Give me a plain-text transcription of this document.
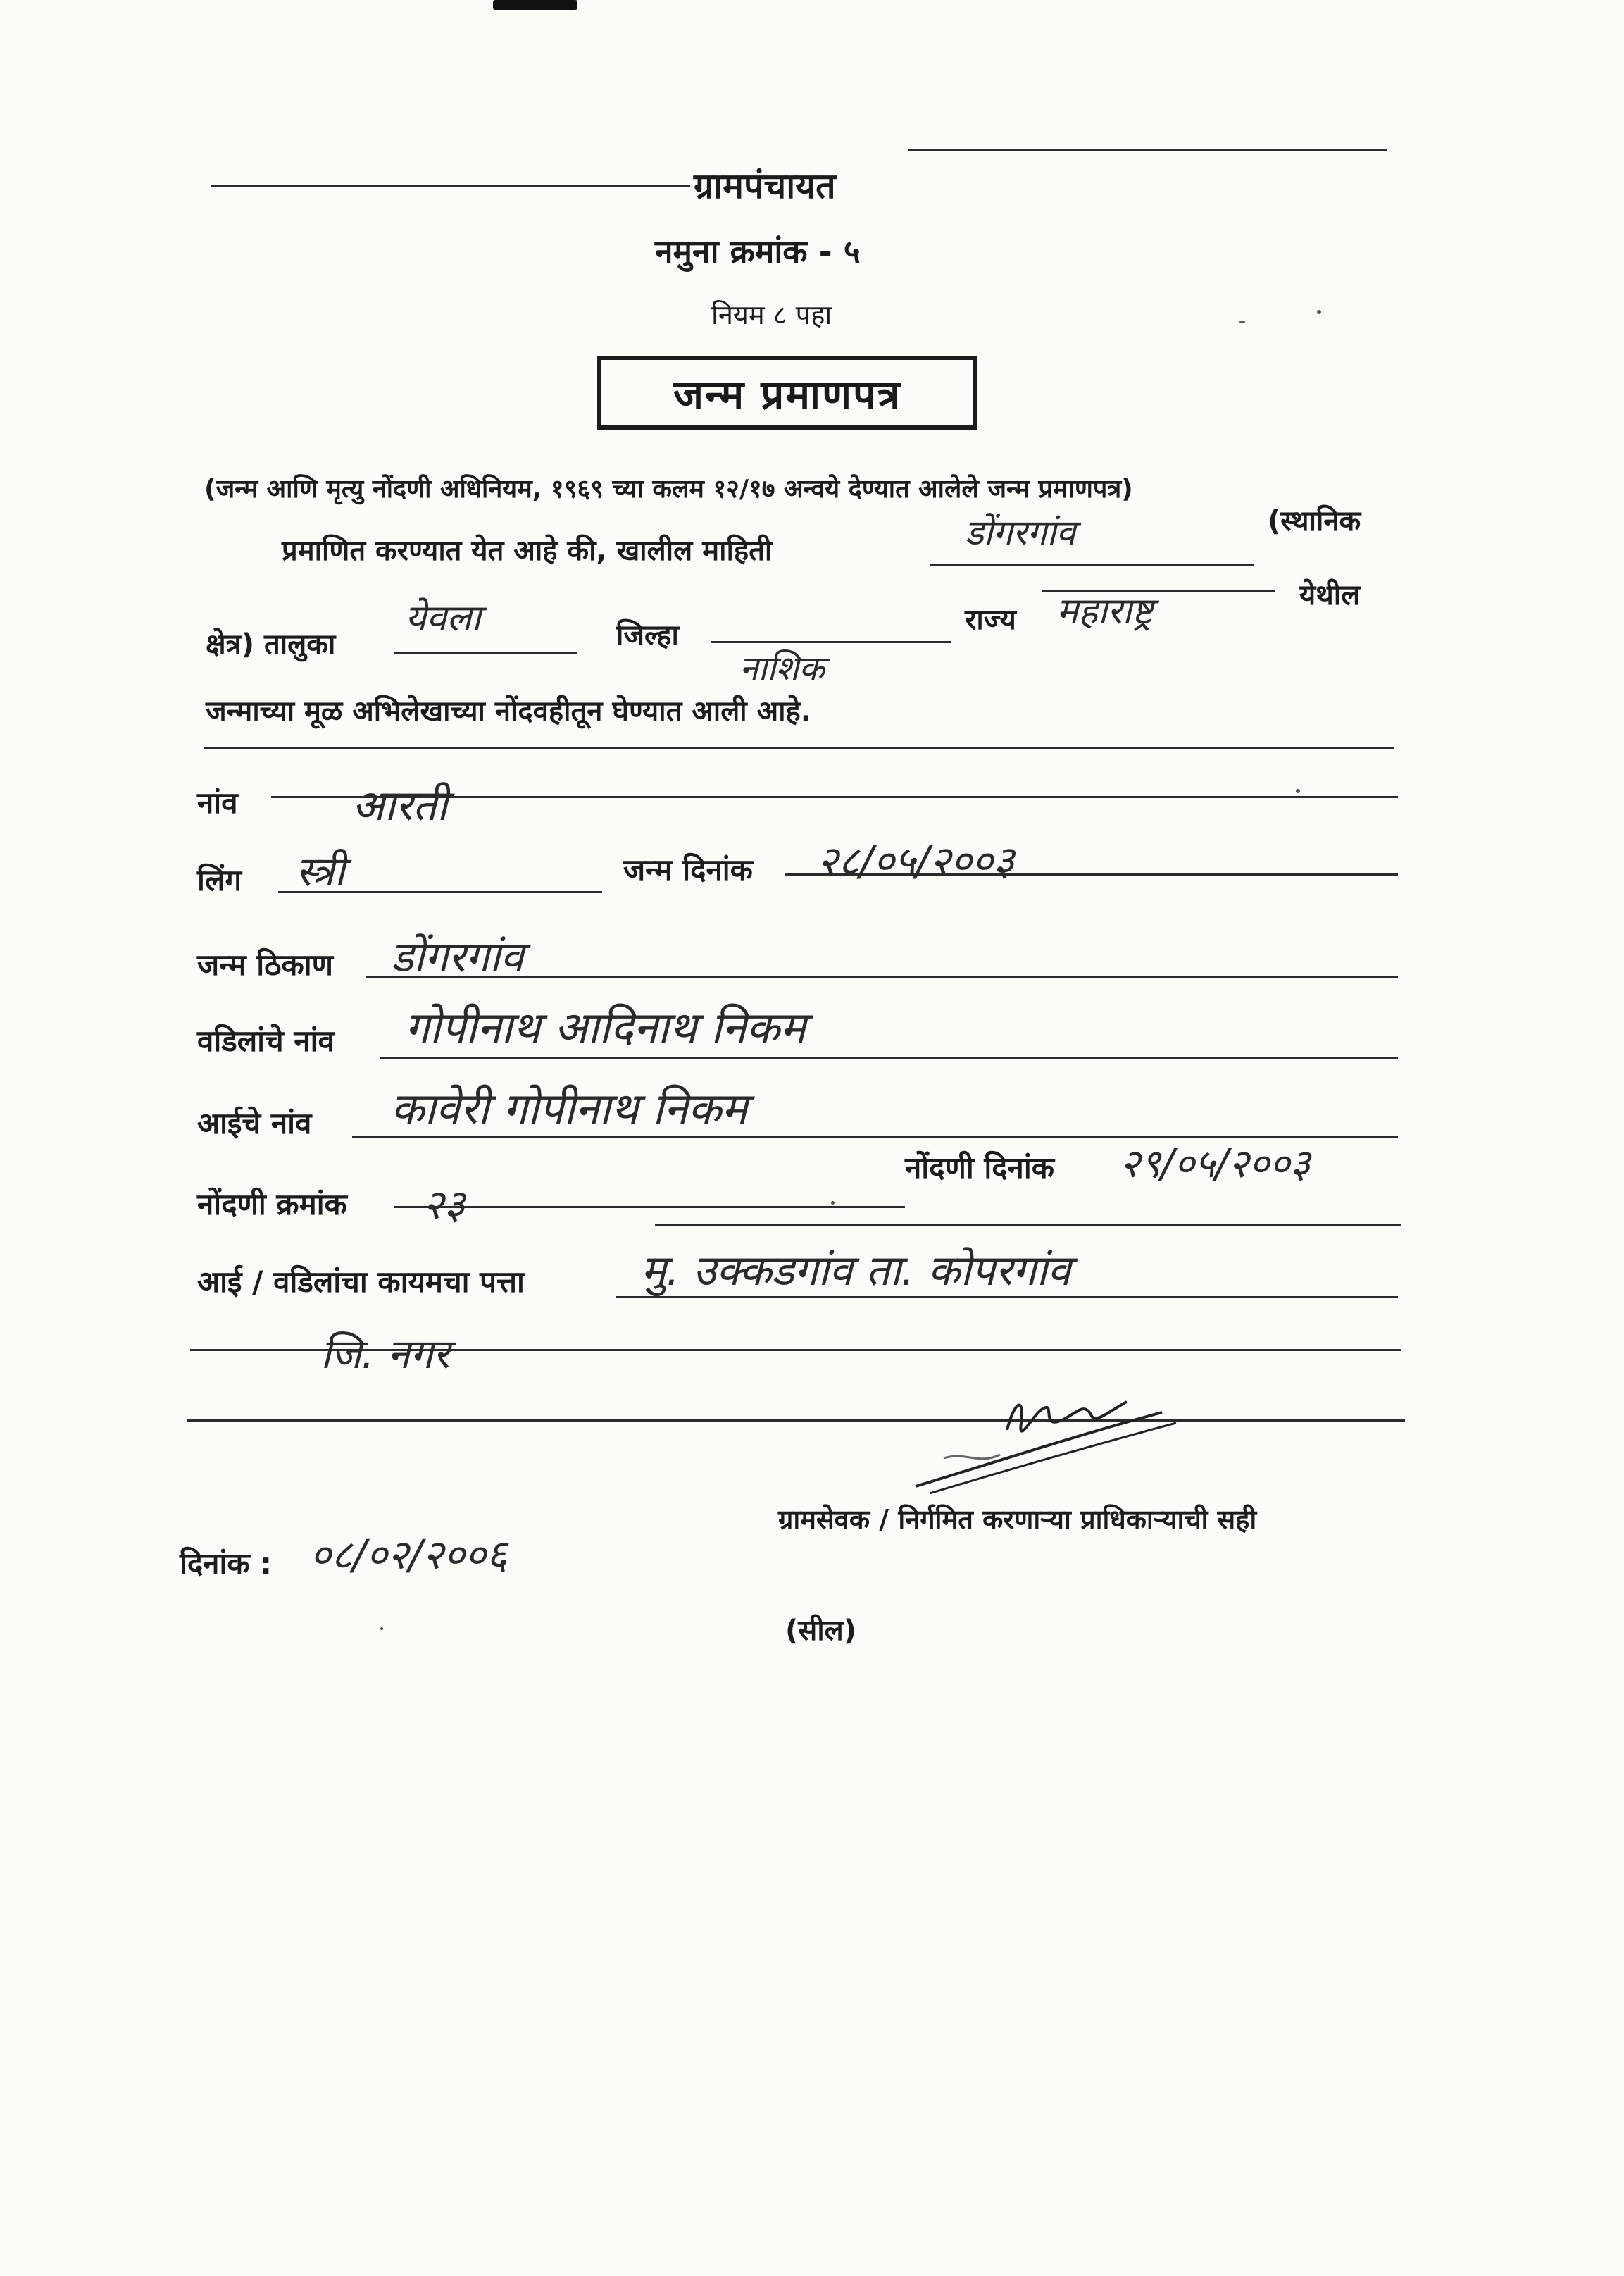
ग्रामपंचायत
नमुना क्रमांक - ५
नियम ८ पहा
जन्म प्रमाणपत्र
(जन्म आणि मृत्यु नोंदणी अधिनियम, १९६९ च्या कलम १२/१७ अन्वये देण्यात आलेले जन्म प्रमाणपत्र)
प्रमाणित करण्यात येत आहे की, खालील माहिती	डोंगरगांव	(स्थानिक
क्षेत्र) तालुका
येवला	जिल्हा
नाशिक
राज्य महाराष्ट्र	येथील
जन्माच्या मूळ अभिलेखाच्या नोंदवहीतून घेण्यात आली आहे.
नांव	आरती
लिंग स्त्री	जन्म दिनांक २८/०५/२००३
जन्म ठिकाण डोंगरगांव
वडिलांचे नांव गोपीनाथ आदिनाथ निकम
आईचे नांव कावेरी गोपीनाथ निकम
नोंदणी क्रमांक २३
नोंदणी दिनांक २९/०५/२००३
आई / वडिलांचा कायमचा पत्ता	मु. उक्कडगांव ता. कोपरगांव
जि. नगर
ग्रामसेवक / निर्गमित करणाऱ्या प्राधिकाऱ्याची सही
दिनांक : ०८/०२/२००६
(सील)
